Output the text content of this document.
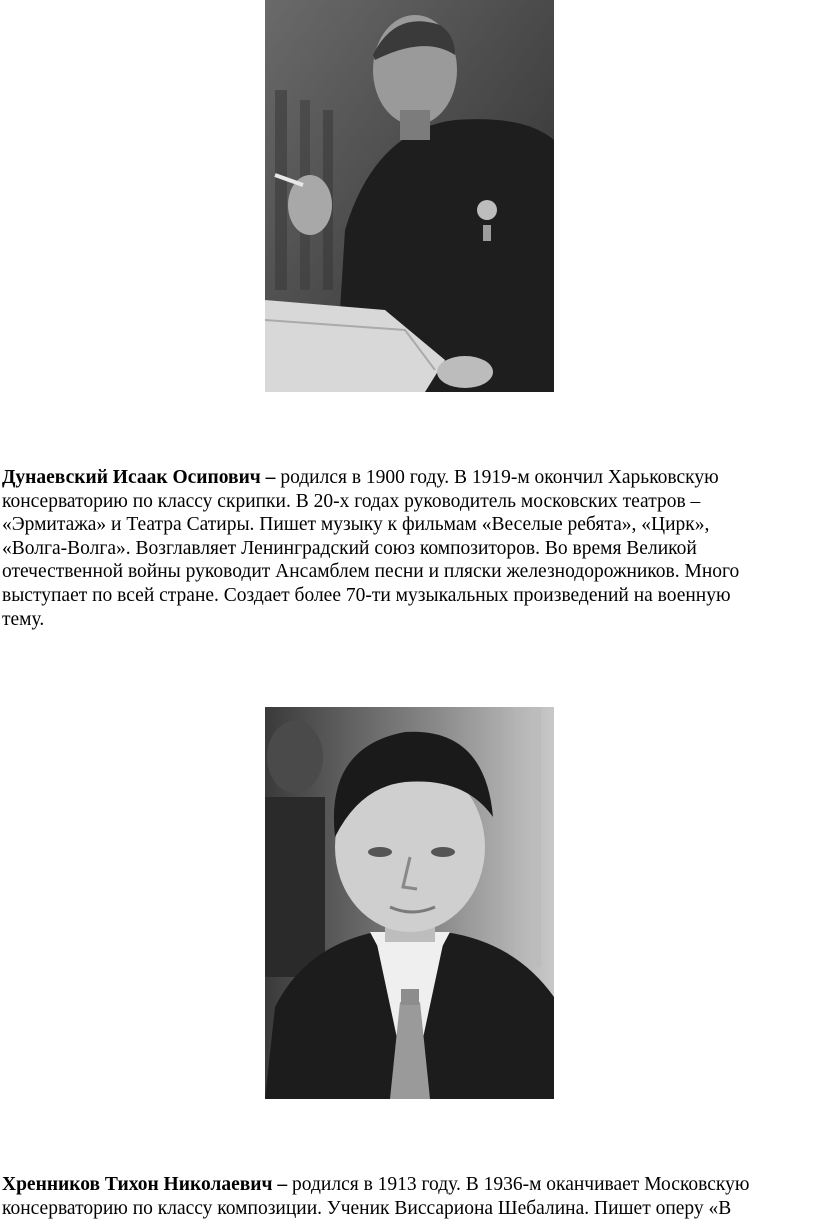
Дунаевский Исаак Осипович – родился в 1900 году. В 1919-м окончил Харьковскую
консерваторию по классу скрипки. В 20-х годах руководитель московских театров –
«Эрмитажа» и Театра Сатиры. Пишет музыку к фильмам «Веселые ребята», «Цирк»,
«Волга-Волга». Возглавляет Ленинградский союз композиторов. Во время Великой
отечественной войны руководит Ансамблем песни и пляски железнодорожников. Много
выступает по всей стране. Создает более 70-ти музыкальных произведений на военную
тему.

Хренников Тихон Николаевич – родился в 1913 году. В 1936-м оканчивает Московскую
консерваторию по классу композиции. Ученик Виссариона Шебалина. Пишет оперу «В
